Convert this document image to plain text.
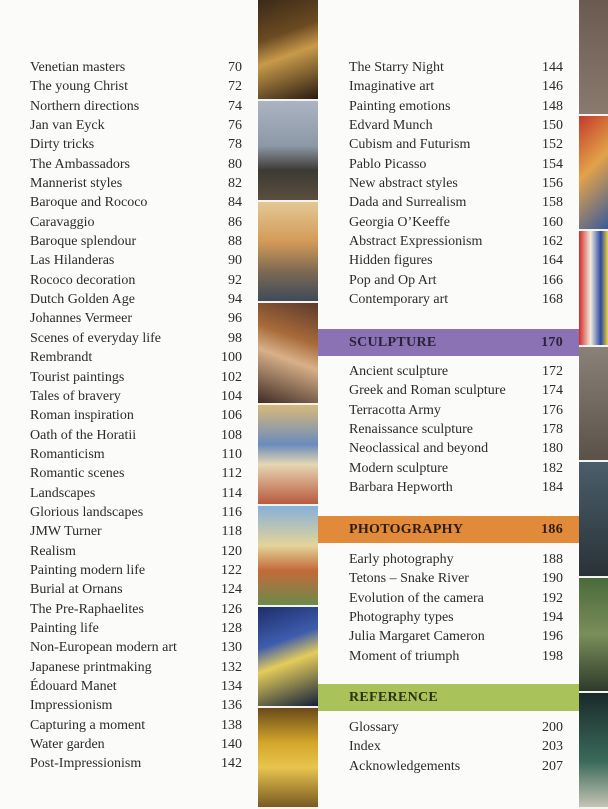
Venetian masters	70
The young Christ	72
Northern directions	74
Jan van Eyck	76
Dirty tricks	78
The Ambassadors	80
Mannerist styles	82
Baroque and Rococo	84
Caravaggio	86
Baroque splendour	88
Las Hilanderas	90
Rococo decoration	92
Dutch Golden Age	94
Johannes Vermeer	96
Scenes of everyday life	98
Rembrandt	100
Tourist paintings	102
Tales of bravery	104
Roman inspiration	106
Oath of the Horatii	108
Romanticism	110
Romantic scenes	112
Landscapes	114
Glorious landscapes	116
JMW Turner	118
Realism	120
Painting modern life	122
Burial at Ornans	124
The Pre-Raphaelites	126
Painting life	128
Non-European modern art	130
Japanese printmaking	132
Édouard Manet	134
Impressionism	136
Capturing a moment	138
Water garden	140
Post-Impressionism	142
The Starry Night	144
Imaginative art	146
Painting emotions	148
Edvard Munch	150
Cubism and Futurism	152
Pablo Picasso	154
New abstract styles	156
Dada and Surrealism	158
Georgia O’Keeffe	160
Abstract Expressionism	162
Hidden figures	164
Pop and Op Art	166
Contemporary art	168
SCULPTURE	170
Ancient sculpture	172
Greek and Roman sculpture	174
Terracotta Army	176
Renaissance sculpture	178
Neoclassical and beyond	180
Modern sculpture	182
Barbara Hepworth	184
PHOTOGRAPHY	186
Early photography	188
Tetons – Snake River	190
Evolution of the camera	192
Photography types	194
Julia Margaret Cameron	196
Moment of triumph	198
REFERENCE
Glossary	200
Index	203
Acknowledgements	207
